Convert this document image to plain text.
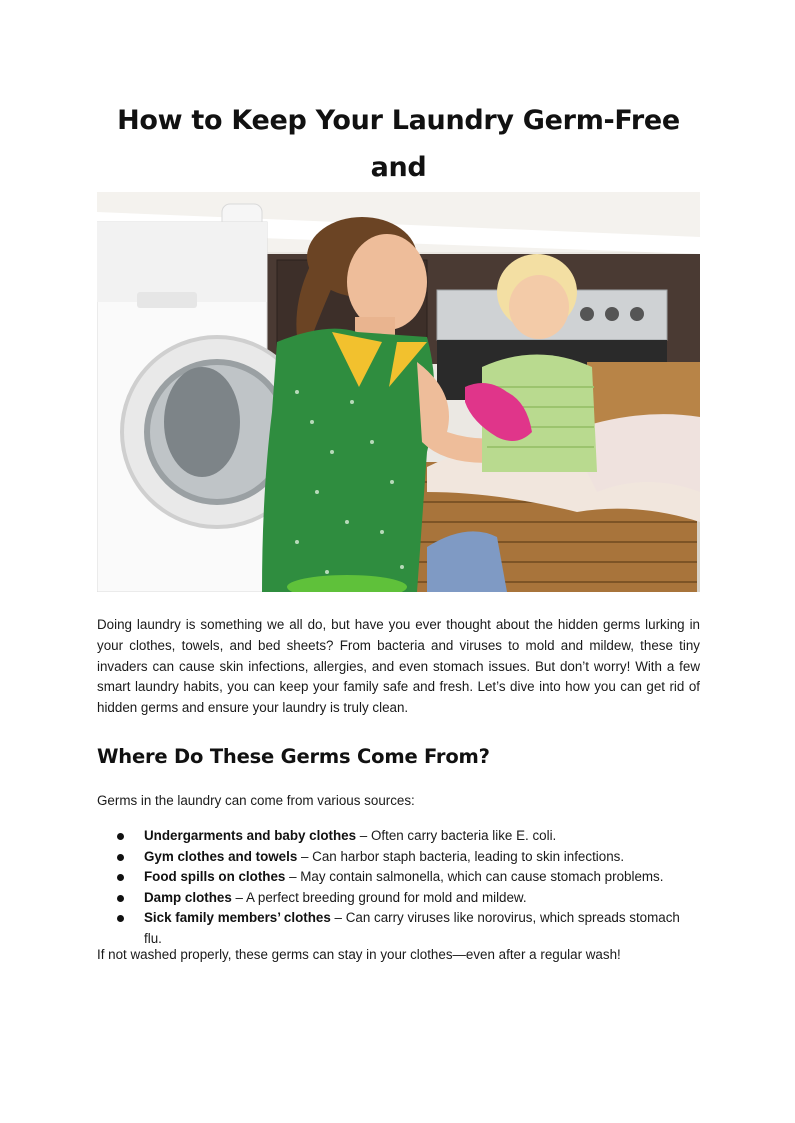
How to Keep Your Laundry Germ-Free and

Doing laundry is something we all do, but have you ever thought about the hidden germs lurking in your clothes, towels, and bed sheets? From bacteria and viruses to mold and mildew, these tiny invaders can cause skin infections, allergies, and even stomach issues. But don’t worry! With a few smart laundry habits, you can keep your family safe and fresh. Let’s dive into how you can get rid of hidden germs and ensure your laundry is truly clean.

Where Do These Germs Come From?

Germs in the laundry can come from various sources:

Undergarments and baby clothes – Often carry bacteria like E. coli.
Gym clothes and towels – Can harbor staph bacteria, leading to skin infections.
Food spills on clothes – May contain salmonella, which can cause stomach problems.
Damp clothes – A perfect breeding ground for mold and mildew.
Sick family members’ clothes – Can carry viruses like norovirus, which spreads stomach flu.

If not washed properly, these germs can stay in your clothes—even after a regular wash!
